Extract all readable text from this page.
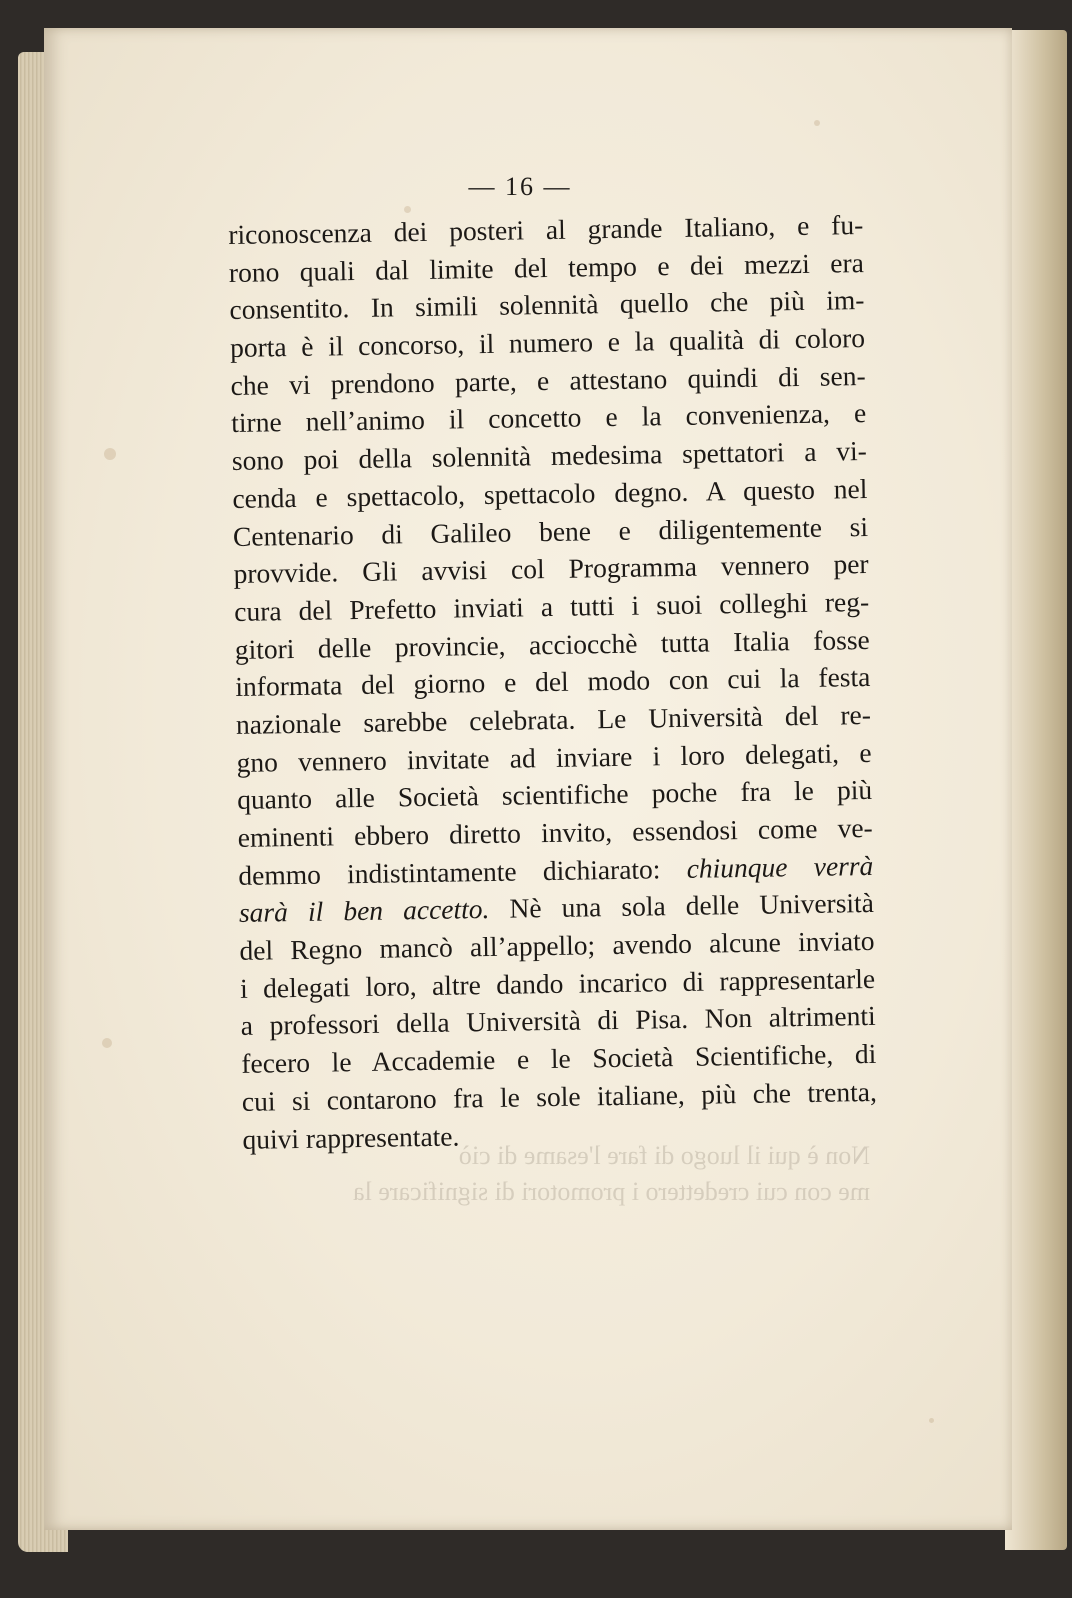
Non è qui il luogo di fare l'esame di ciò
me con cui credettero i promotori di significare la
— 16 —
riconoscenza dei posteri al grande Italiano, e fu-
rono quali dal limite del tempo e dei mezzi era
consentito. In simili solennità quello che più im-
porta è il concorso, il numero e la qualità di coloro
che vi prendono parte, e attestano quindi di sen-
tirne nell’animo il concetto e la convenienza, e
sono poi della solennità medesima spettatori a vi-
cenda e spettacolo, spettacolo degno. A questo nel
Centenario di Galileo bene e diligentemente si
provvide. Gli avvisi col Programma vennero per
cura del Prefetto inviati a tutti i suoi colleghi reg-
gitori delle provincie, acciocchè tutta Italia fosse
informata del giorno e del modo con cui la festa
nazionale sarebbe celebrata. Le Università del re-
gno vennero invitate ad inviare i loro delegati, e
quanto alle Società scientifiche poche fra le più
eminenti ebbero diretto invito, essendosi come ve-
demmo indistintamente dichiarato: chiunque verrà
sarà il ben accetto. Nè una sola delle Università
del Regno mancò all’appello; avendo alcune inviato
i delegati loro, altre dando incarico di rappresentarle
a professori della Università di Pisa. Non altrimenti
fecero le Accademie e le Società Scientifiche, di
cui si contarono fra le sole italiane, più che trenta,
quivi rappresentate.
